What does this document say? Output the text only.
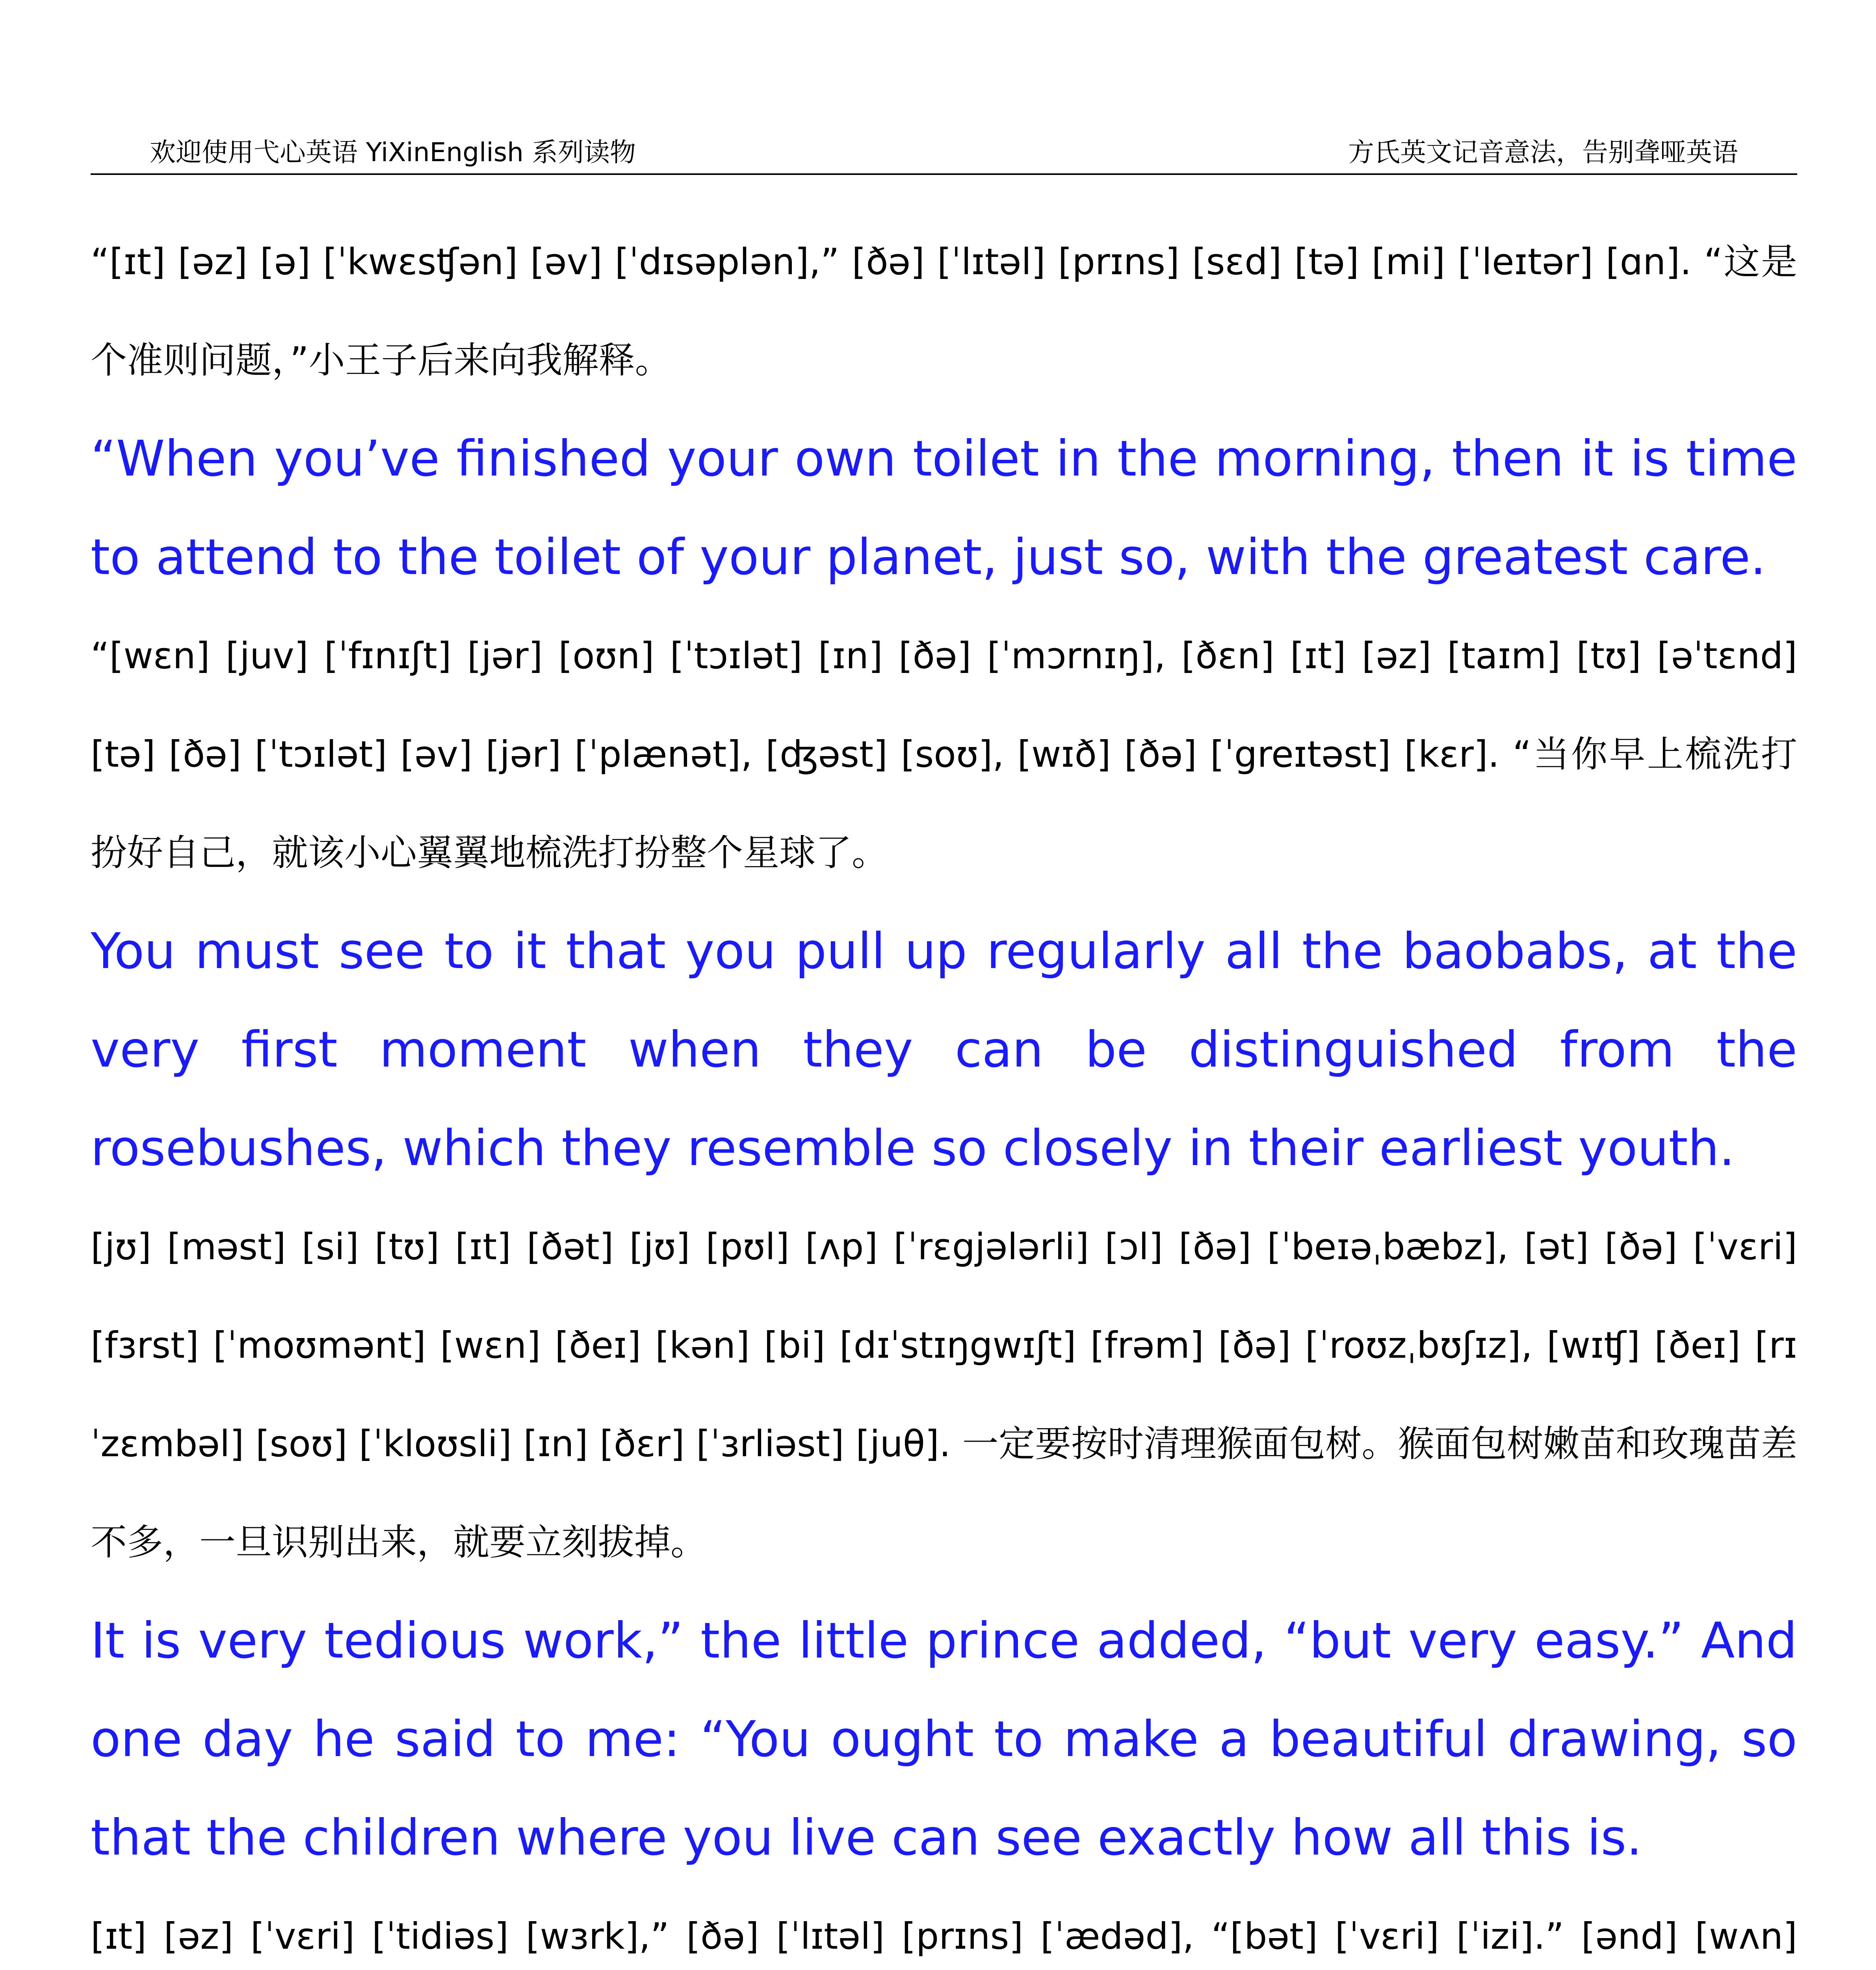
欢迎使用弋心英语 YiXinEnglish 系列读物	方氏英文记音意法，告别聋哑英语

“[ɪt] [əz] [ə] [ˈkwɛsʧən] [əv] [ˈdɪsəplən],” [ðə] [ˈlɪtəl] [prɪns] [sɛd] [tə] [mi] [ˈleɪtər] [ɑn]. “这是个准则问题，”小王子后来向我解释。

“When you’ve finished your own toilet in the morning, then it is time to attend to the toilet of your planet, just so, with the greatest care.

“[wɛn] [juv] [ˈfɪnɪʃt] [jər] [oʊn] [ˈtɔɪlət] [ɪn] [ðə] [ˈmɔrnɪŋ], [ðɛn] [ɪt] [əz] [taɪm] [tʊ] [əˈtɛnd] [tə] [ðə] [ˈtɔɪlət] [əv] [jər] [ˈplænət], [ʤəst] [soʊ], [wɪð] [ðə] [ˈgreɪtəst] [kɛr]. “当你早上梳洗打扮好自己，就该小心翼翼地梳洗打扮整个星球了。

You must see to it that you pull up regularly all the baobabs, at the very first moment when they can be distinguished from the rosebushes, which they resemble so closely in their earliest youth.

[jʊ] [məst] [si] [tʊ] [ɪt] [ðət] [jʊ] [pʊl] [ʌp] [ˈrɛgjələrli] [ɔl] [ðə] [ˈbeɪəˌbæbz], [ət] [ðə] [ˈvɛri] [fɜrst] [ˈmoʊmənt] [wɛn] [ðeɪ] [kən] [bi] [dɪˈstɪŋgwɪʃt] [frəm] [ðə] [ˈroʊzˌbʊʃɪz], [wɪʧ] [ðeɪ] [rɪˈzɛmbəl] [soʊ] [ˈkloʊsli] [ɪn] [ðɛr] [ˈɜrliəst] [juθ]. 一定要按时清理猴面包树。猴面包树嫩苗和玫瑰苗差不多，一旦识别出来，就要立刻拔掉。

It is very tedious work,” the little prince added, “but very easy.” And one day he said to me: “You ought to make a beautiful drawing, so that the children where you live can see exactly how all this is.

[ɪt] [əz] [ˈvɛri] [ˈtidiəs] [wɜrk],” [ðə] [ˈlɪtəl] [prɪns] [ˈædəd], “[bət] [ˈvɛri] [ˈizi].” [ənd] [wʌn]
